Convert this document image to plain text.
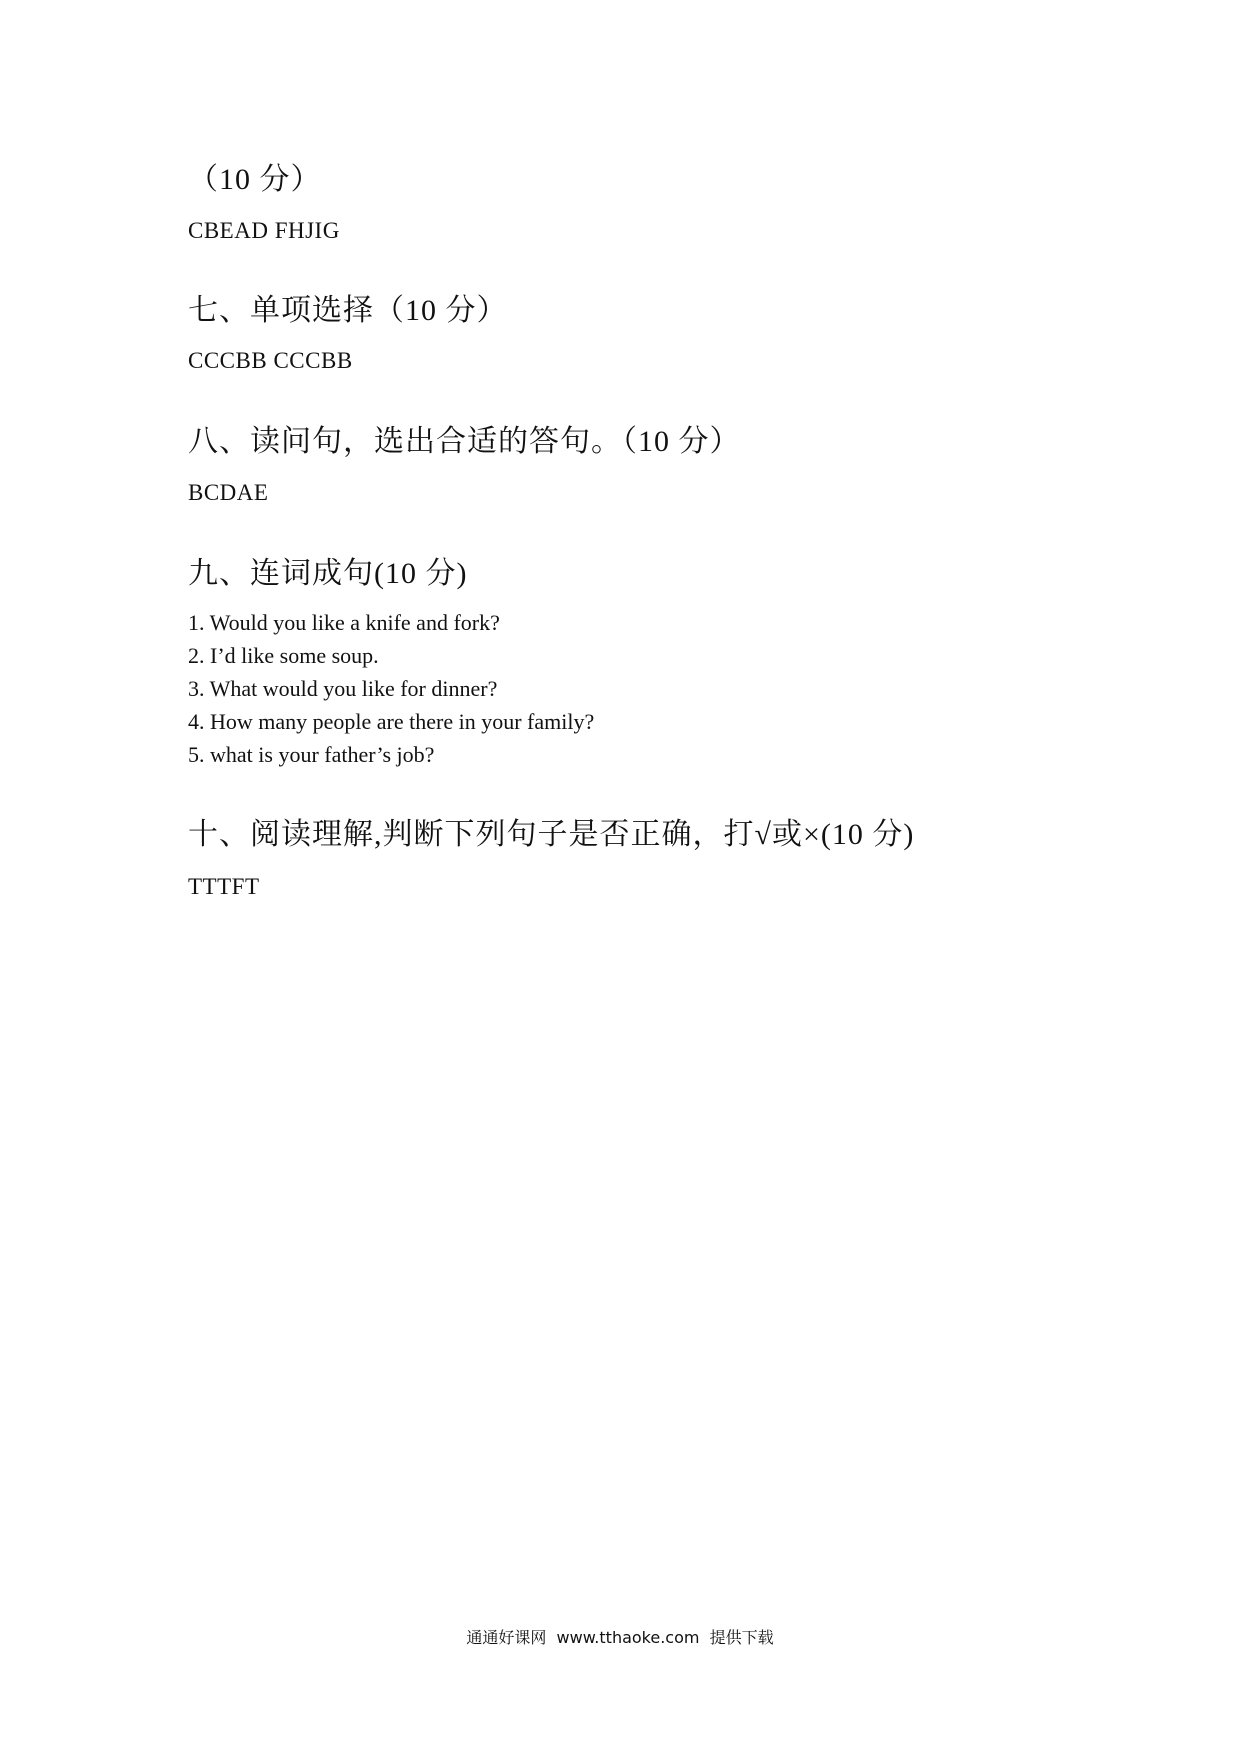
（10 分）
CBEAD FHJIG
七、单项选择（10 分）
CCCBB CCCBB
八、读问句，选出合适的答句。（10 分）
BCDAE
九、连词成句(10 分)
1. Would you like a knife and fork?
2. I’d like some soup.
3. What would you like for dinner?
4. How many people are there in your family?
5. what is your father’s job?
十、阅读理解,判断下列句子是否正确，打√或×(10 分)
TTTFT
通通好课网  www.tthaoke.com  提供下载
